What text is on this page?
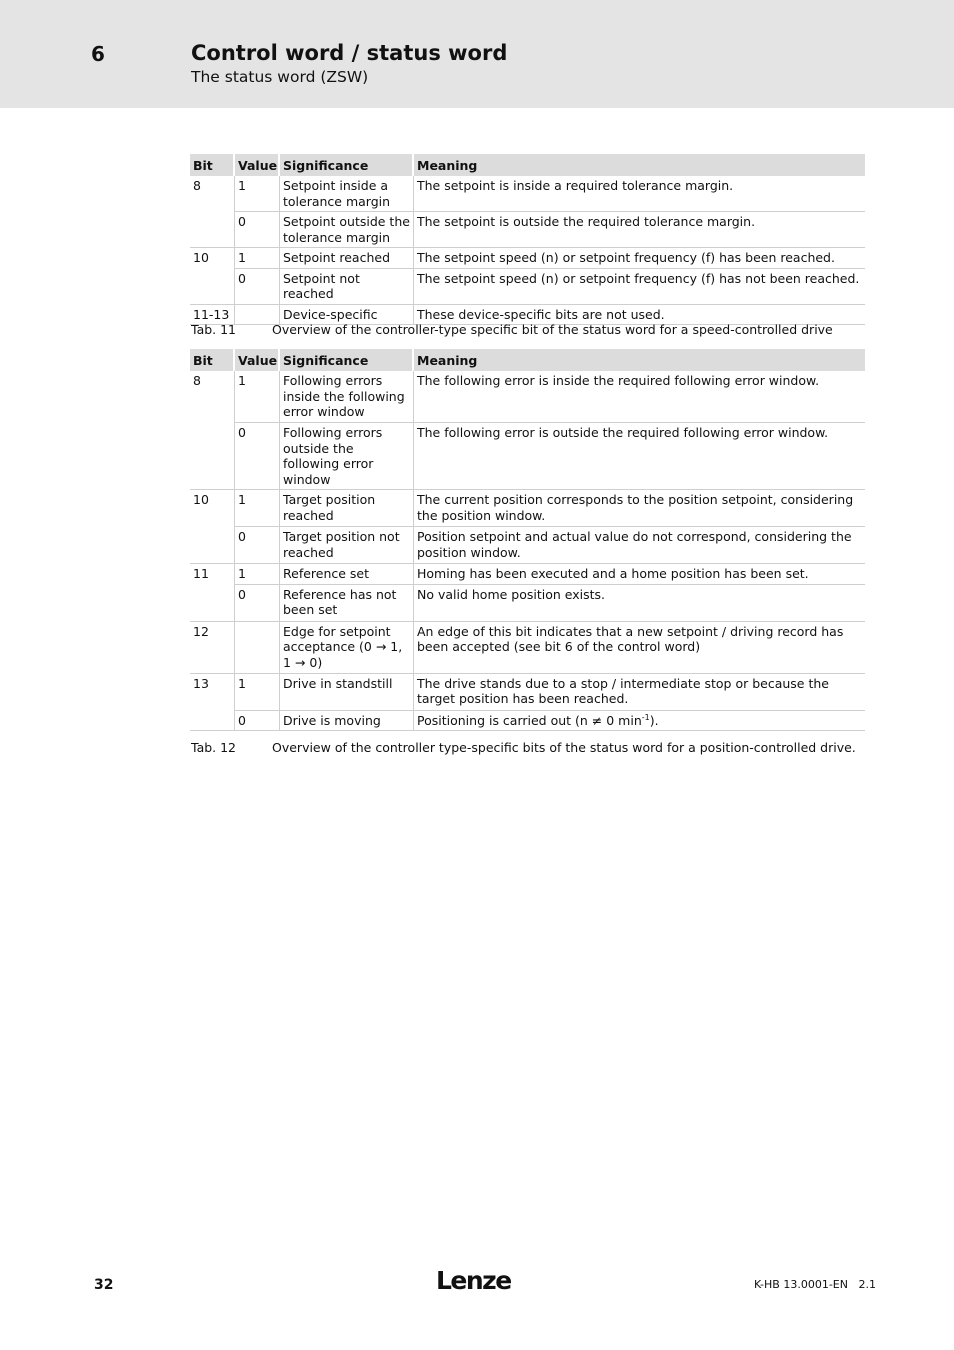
6	Control word / status word
The status word (ZSW)
Bit	Value	Significance	Meaning
8	1	Setpoint inside a tolerance margin	The setpoint is inside a required tolerance margin.
	0	Setpoint outside the tolerance margin	The setpoint is outside the required tolerance margin.
10	1	Setpoint reached	The setpoint speed (n) or setpoint frequency (f) has been reached.
	0	Setpoint not reached	The setpoint speed (n) or setpoint frequency (f) has not been reached.
11-13		Device-specific	These device-specific bits are not used.
Tab. 11	Overview of the controller-type specific bit of the status word for a speed-controlled drive
Bit	Value	Significance	Meaning
8	1	Following errors inside the following error window	The following error is inside the required following error window.
	0	Following errors outside the following error window	The following error is outside the required following error window.
10	1	Target position reached	The current position corresponds to the position setpoint, considering the position window.
	0	Target position not reached	Position setpoint and actual value do not correspond, considering the position window.
11	1	Reference set	Homing has been executed and a home position has been set.
	0	Reference has not been set	No valid home position exists.
12		Edge for setpoint acceptance (0 → 1, 1 → 0)	An edge of this bit indicates that a new setpoint / driving record has been accepted (see bit 6 of the control word)
13	1	Drive in standstill	The drive stands due to a stop / intermediate stop or because the target position has been reached.
	0	Drive is moving	Positioning is carried out (n ≠ 0 $\min^{-1}$).
Tab. 12	Overview of the controller type-specific bits of the status word for a position-controlled drive.
32	Lenze	K-HB 13.0001-EN   2.1
